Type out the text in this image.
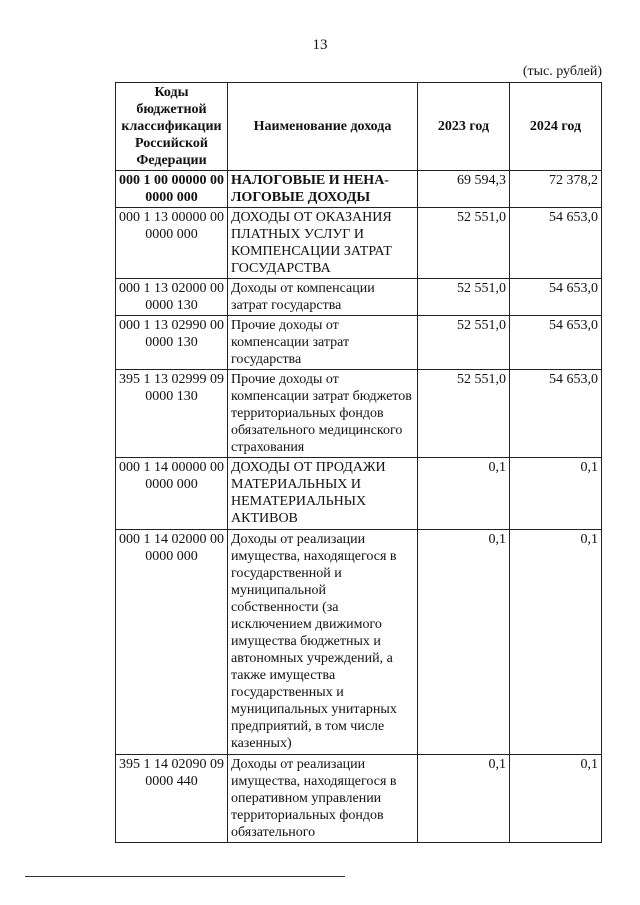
13
(тыс. рублей)
Коды бюджетной классификации Российской Федерации	Наименование дохода	2023 год	2024 год
000 1 00 00000 00 0000 000	НАЛОГОВЫЕ И НЕНА-ЛОГОВЫЕ ДОХОДЫ	69 594,3	72 378,2
000 1 13 00000 00 0000 000	ДОХОДЫ ОТ ОКАЗАНИЯ ПЛАТНЫХ УСЛУГ И КОМПЕНСАЦИИ ЗАТРАТ ГОСУДАРСТВА	52 551,0	54 653,0
000 1 13 02000 00 0000 130	Доходы от компенсации затрат государства	52 551,0	54 653,0
000 1 13 02990 00 0000 130	Прочие доходы от компенсации затрат государства	52 551,0	54 653,0
395 1 13 02999 09 0000 130	Прочие доходы от компенсации затрат бюджетов территориальных фондов обязательного медицинского страхования	52 551,0	54 653,0
000 1 14 00000 00 0000 000	ДОХОДЫ ОТ ПРОДАЖИ МАТЕРИАЛЬНЫХ И НЕМАТЕРИАЛЬНЫХ АКТИВОВ	0,1	0,1
000 1 14 02000 00 0000 000	Доходы от реализации имущества, находящегося в государственной и муниципальной собственности (за исключением движимого имущества бюджетных и автономных учреждений, а также имущества государственных и муниципальных унитарных предприятий, в том числе казенных)	0,1	0,1
395 1 14 02090 09 0000 440	Доходы от реализации имущества, находящегося в оперативном управлении территориальных фондов обязательного	0,1	0,1
